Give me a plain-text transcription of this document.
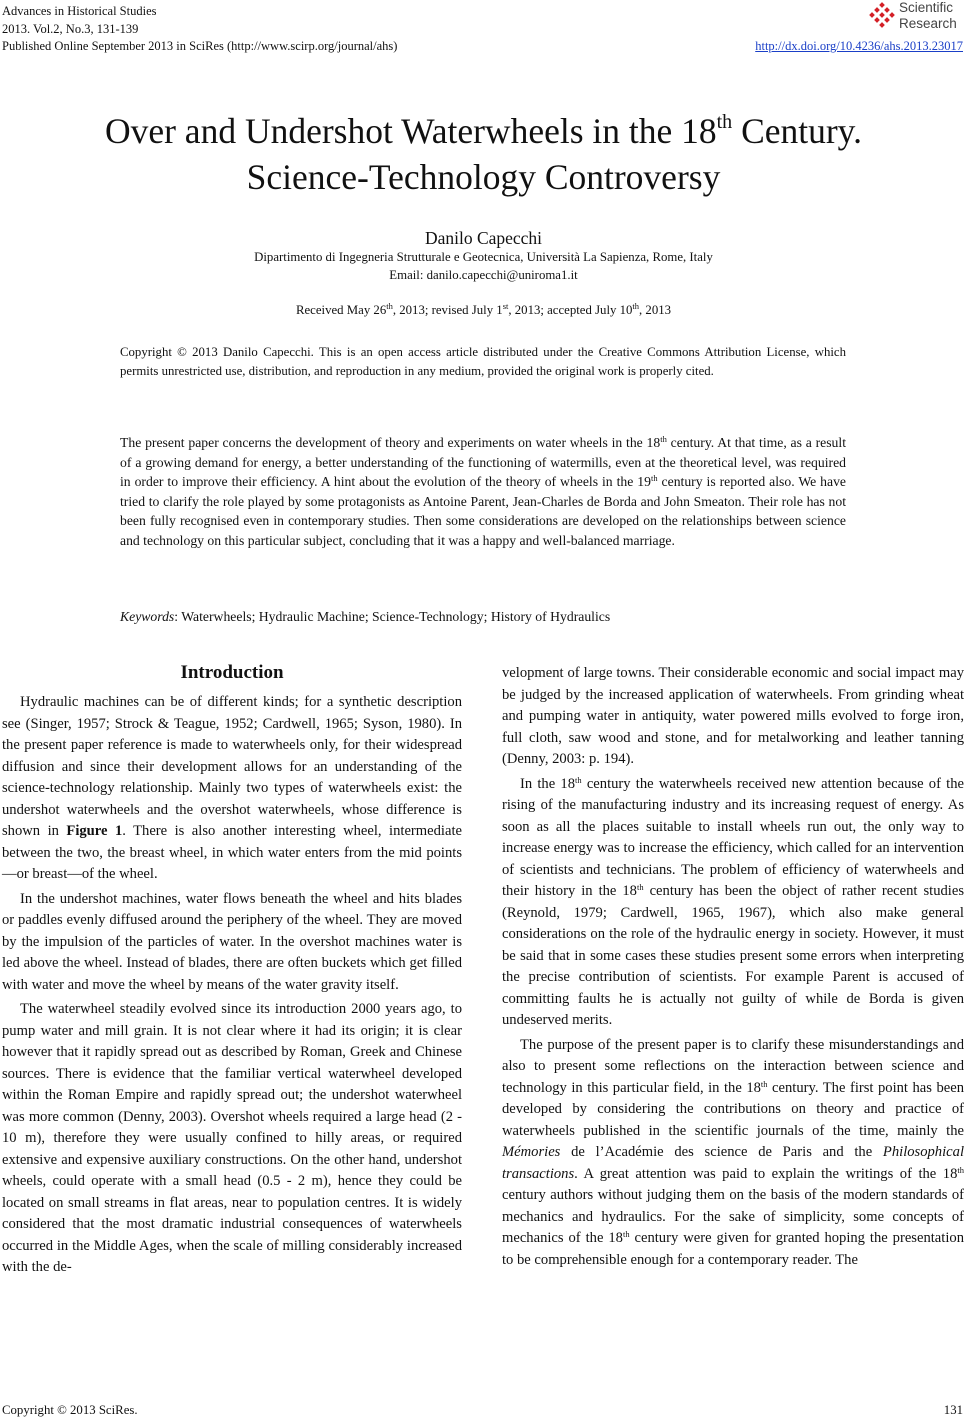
Advances in Historical Studies
2013. Vol.2, No.3, 131-139
Published Online September 2013 in SciRes (http://www.scirp.org/journal/ahs)
Scientific
Research
http://dx.doi.org/10.4236/ahs.2013.23017
Over and Undershot Waterwheels in the 18th Century.
Science-Technology Controversy
Danilo Capecchi
Dipartimento di Ingegneria Strutturale e Geotecnica, Università La Sapienza, Rome, Italy
Email: danilo.capecchi@uniroma1.it
Received May 26th, 2013; revised July 1st, 2013; accepted July 10th, 2013
Copyright © 2013 Danilo Capecchi. This is an open access article distributed under the Creative Commons Attribution License, which permits unrestricted use, distribution, and reproduction in any medium, provided the original work is properly cited.
The present paper concerns the development of theory and experiments on water wheels in the 18th century. At that time, as a result of a growing demand for energy, a better understanding of the functioning of watermills, even at the theoretical level, was required in order to improve their efficiency. A hint about the evolution of the theory of wheels in the 19th century is reported also. We have tried to clarify the role played by some protagonists as Antoine Parent, Jean-Charles de Borda and John Smeaton. Their role has not been fully recognised even in contemporary studies. Then some considerations are developed on the relationships between science and technology on this particular subject, concluding that it was a happy and well-balanced marriage.
Keywords: Waterwheels; Hydraulic Machine; Science-Technology; History of Hydraulics
Introduction

Hydraulic machines can be of different kinds; for a synthetic description see (Singer, 1957; Strock & Teague, 1952; Cardwell, 1965; Syson, 1980). In the present paper reference is made to waterwheels only, for their widespread diffusion and since their development allows for an understanding of the science-technology relationship. Mainly two types of waterwheels exist: the undershot waterwheels and the overshot waterwheels, whose difference is shown in Figure 1. There is also another interesting wheel, intermediate between the two, the breast wheel, in which water enters from the mid points—or breast—of the wheel.

In the undershot machines, water flows beneath the wheel and hits blades or paddles evenly diffused around the periphery of the wheel. They are moved by the impulsion of the particles of water. In the overshot machines water is led above the wheel. Instead of blades, there are often buckets which get filled with water and move the wheel by means of the water gravity itself.

The waterwheel steadily evolved since its introduction 2000 years ago, to pump water and mill grain. It is not clear where it had its origin; it is clear however that it rapidly spread out as described by Roman, Greek and Chinese sources. There is evidence that the familiar vertical waterwheel developed within the Roman Empire and rapidly spread out; the undershot waterwheel was more common (Denny, 2003). Overshot wheels required a large head (2 - 10 m), therefore they were usually confined to hilly areas, or required extensive and expensive auxiliary constructions. On the other hand, undershot wheels, could operate with a small head (0.5 - 2 m), hence they could be located on small streams in flat areas, near to population centres. It is widely considered that the most dramatic industrial consequences of waterwheels occurred in the Middle Ages, when the scale of milling considerably increased with the de-

velopment of large towns. Their considerable economic and social impact may be judged by the increased application of waterwheels. From grinding wheat and pumping water in antiquity, water powered mills evolved to forge iron, full cloth, saw wood and stone, and for metalworking and leather tanning (Denny, 2003: p. 194).

In the 18th century the waterwheels received new attention because of the rising of the manufacturing industry and its increasing request of energy. As soon as all the places suitable to install wheels run out, the only way to increase energy was to increase the efficiency, which called for an intervention of scientists and technicians. The problem of efficiency of waterwheels and their history in the 18th century has been the object of rather recent studies (Reynold, 1979; Cardwell, 1965, 1967), which also make general considerations on the role of the hydraulic energy in society. However, it must be said that in some cases these studies present some errors when interpreting the precise contribution of scientists. For example Parent is accused of committing faults he is actually not guilty of while de Borda is given undeserved merits.

The purpose of the present paper is to clarify these misunderstandings and also to present some reflections on the interaction between science and technology in this particular field, in the 18th century. The first point has been developed by considering the contributions on theory and practice of waterwheels published in the scientific journals of the time, mainly the Mémories de l’Académie des science de Paris and the Philosophical transactions. A great attention was paid to explain the writings of the 18th century authors without judging them on the basis of the modern standards of mechanics and hydraulics. For the sake of simplicity, some concepts of mechanics of the 18th century were given for granted hoping the presentation to be comprehensible enough for a contemporary reader. The

Copyright © 2013 SciRes.	131
